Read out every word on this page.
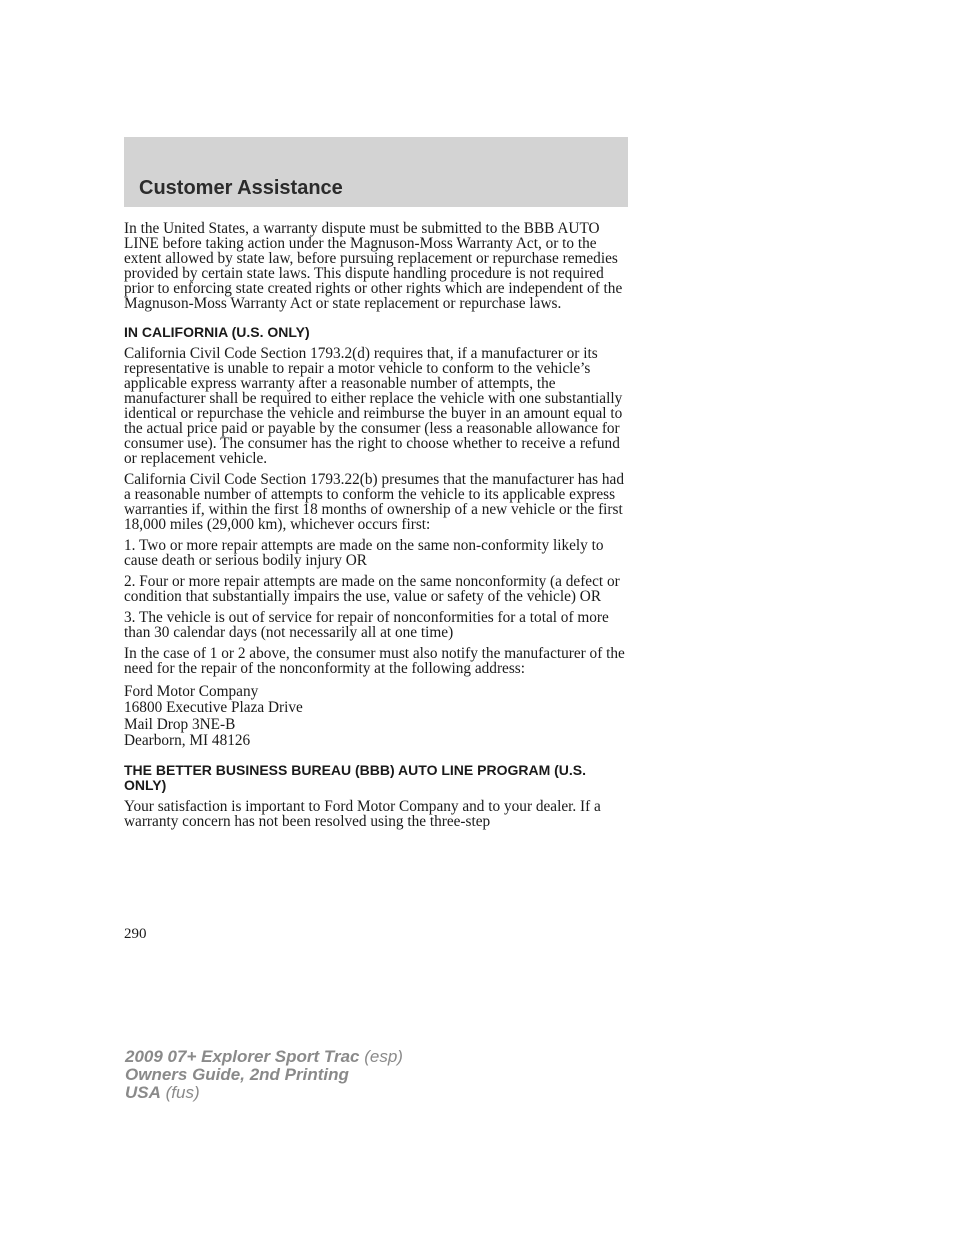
Customer Assistance

In the United States, a warranty dispute must be submitted to the BBB AUTO LINE before taking action under the Magnuson-Moss Warranty Act, or to the extent allowed by state law, before pursuing replacement or repurchase remedies provided by certain state laws. This dispute handling procedure is not required prior to enforcing state created rights or other rights which are independent of the Magnuson-Moss Warranty Act or state replacement or repurchase laws.

IN CALIFORNIA (U.S. ONLY)

California Civil Code Section 1793.2(d) requires that, if a manufacturer or its representative is unable to repair a motor vehicle to conform to the vehicle’s applicable express warranty after a reasonable number of attempts, the manufacturer shall be required to either replace the vehicle with one substantially identical or repurchase the vehicle and reimburse the buyer in an amount equal to the actual price paid or payable by the consumer (less a reasonable allowance for consumer use). The consumer has the right to choose whether to receive a refund or replacement vehicle.

California Civil Code Section 1793.22(b) presumes that the manufacturer has had a reasonable number of attempts to conform the vehicle to its applicable express warranties if, within the first 18 months of ownership of a new vehicle or the first 18,000 miles (29,000 km), whichever occurs first:

1. Two or more repair attempts are made on the same non-conformity likely to cause death or serious bodily injury OR

2. Four or more repair attempts are made on the same nonconformity (a defect or condition that substantially impairs the use, value or safety of the vehicle) OR

3. The vehicle is out of service for repair of nonconformities for a total of more than 30 calendar days (not necessarily all at one time)

In the case of 1 or 2 above, the consumer must also notify the manufacturer of the need for the repair of the nonconformity at the following address:

Ford Motor Company
16800 Executive Plaza Drive
Mail Drop 3NE-B
Dearborn, MI 48126
THE BETTER BUSINESS BUREAU (BBB) AUTO LINE PROGRAM (U.S. ONLY)

Your satisfaction is important to Ford Motor Company and to your dealer. If a warranty concern has not been resolved using the three-step

290
2009 07+ Explorer Sport Trac (esp)
Owners Guide, 2nd Printing
USA (fus)
